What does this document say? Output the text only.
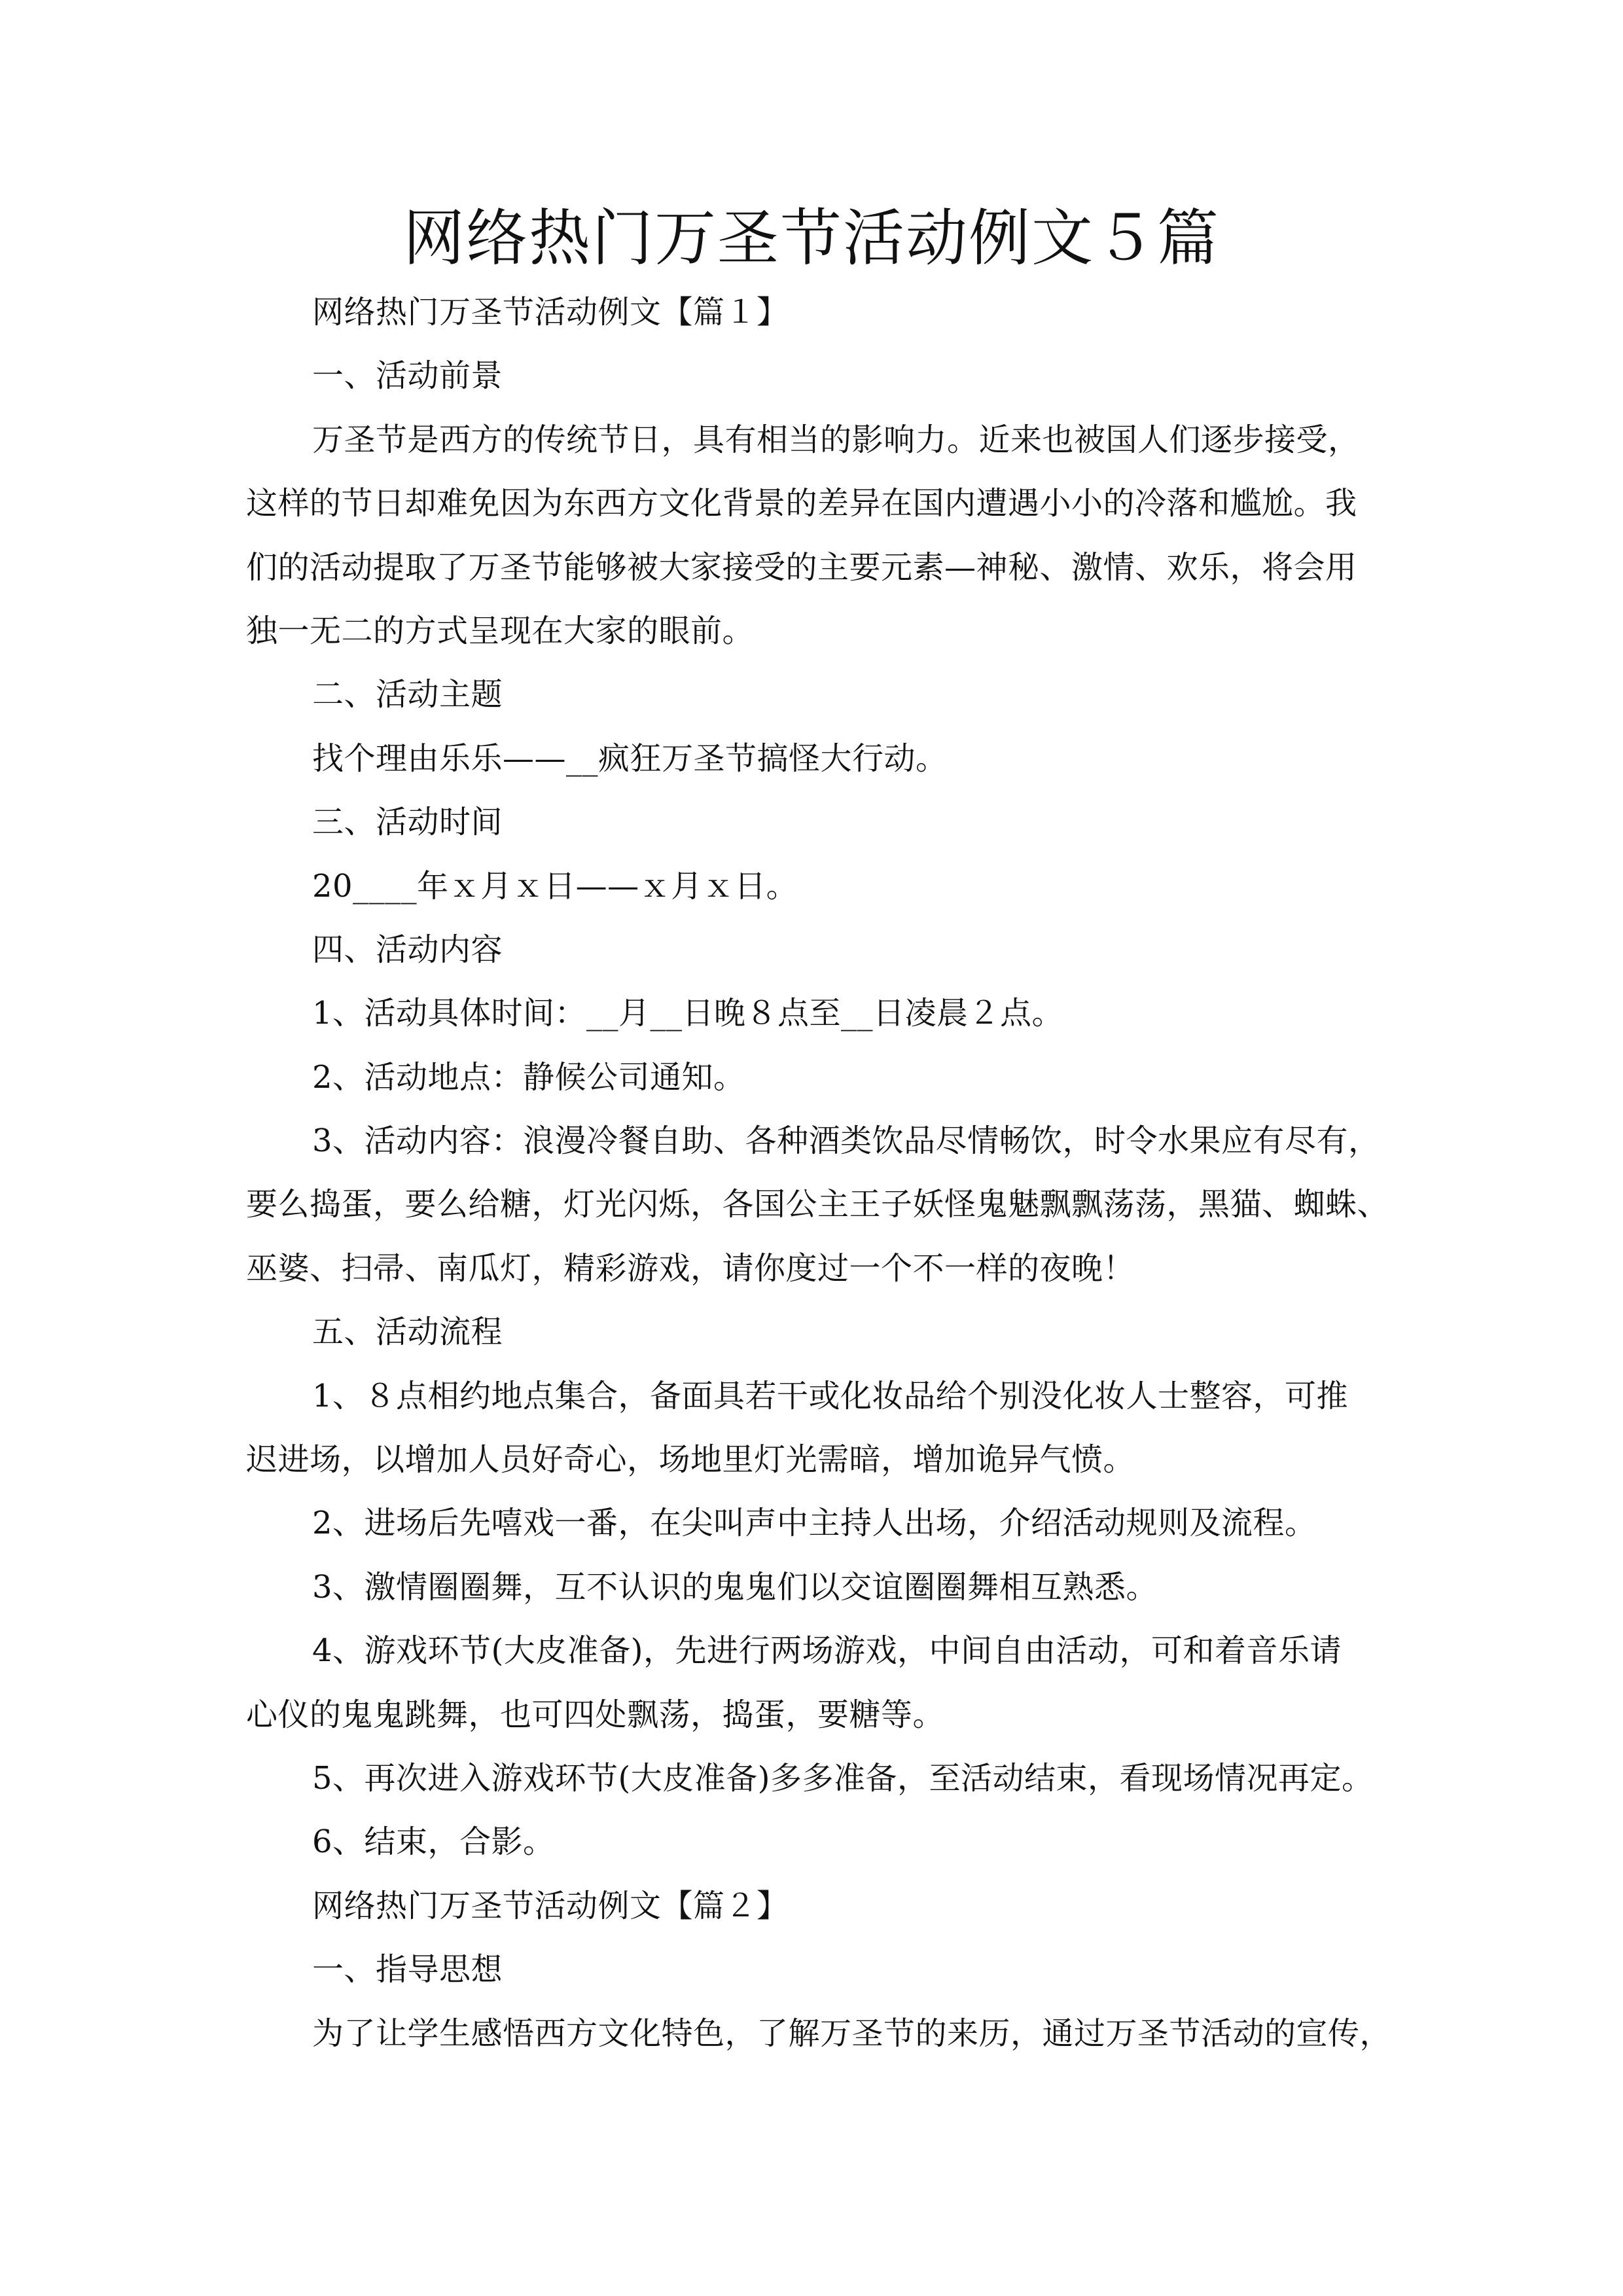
网络热门万圣节活动例文５篇
网络热门万圣节活动例文【篇１】
一、活动前景
万圣节是西方的传统节日，具有相当的影响力。近来也被国人们逐步接受，
这样的节日却难免因为东西方文化背景的差异在国内遭遇小小的冷落和尴尬。我
们的活动提取了万圣节能够被大家接受的主要元素—神秘、激情、欢乐，将会用
独一无二的方式呈现在大家的眼前。
二、活动主题
找个理由乐乐——__疯狂万圣节搞怪大行动。
三、活动时间
20____年ｘ月ｘ日——ｘ月ｘ日。
四、活动内容
1、活动具体时间：__月__日晚８点至__日凌晨２点。
2、活动地点：静候公司通知。
3、活动内容：浪漫冷餐自助、各种酒类饮品尽情畅饮，时令水果应有尽有，
要么捣蛋，要么给糖，灯光闪烁，各国公主王子妖怪鬼魅飘飘荡荡，黑猫、蜘蛛、
巫婆、扫帚、南瓜灯，精彩游戏，请你度过一个不一样的夜晚！
五、活动流程
1、８点相约地点集合，备面具若干或化妆品给个别没化妆人士整容，可推
迟进场，以增加人员好奇心，场地里灯光需暗，增加诡异气愤。
2、进场后先嘻戏一番，在尖叫声中主持人出场，介绍活动规则及流程。
3、激情圈圈舞，互不认识的鬼鬼们以交谊圈圈舞相互熟悉。
4、游戏环节(大皮准备)，先进行两场游戏，中间自由活动，可和着音乐请
心仪的鬼鬼跳舞，也可四处飘荡，捣蛋，要糖等。
5、再次进入游戏环节(大皮准备)多多准备，至活动结束，看现场情况再定。
6、结束，合影。
网络热门万圣节活动例文【篇２】
一、指导思想
为了让学生感悟西方文化特色，了解万圣节的来历，通过万圣节活动的宣传，
